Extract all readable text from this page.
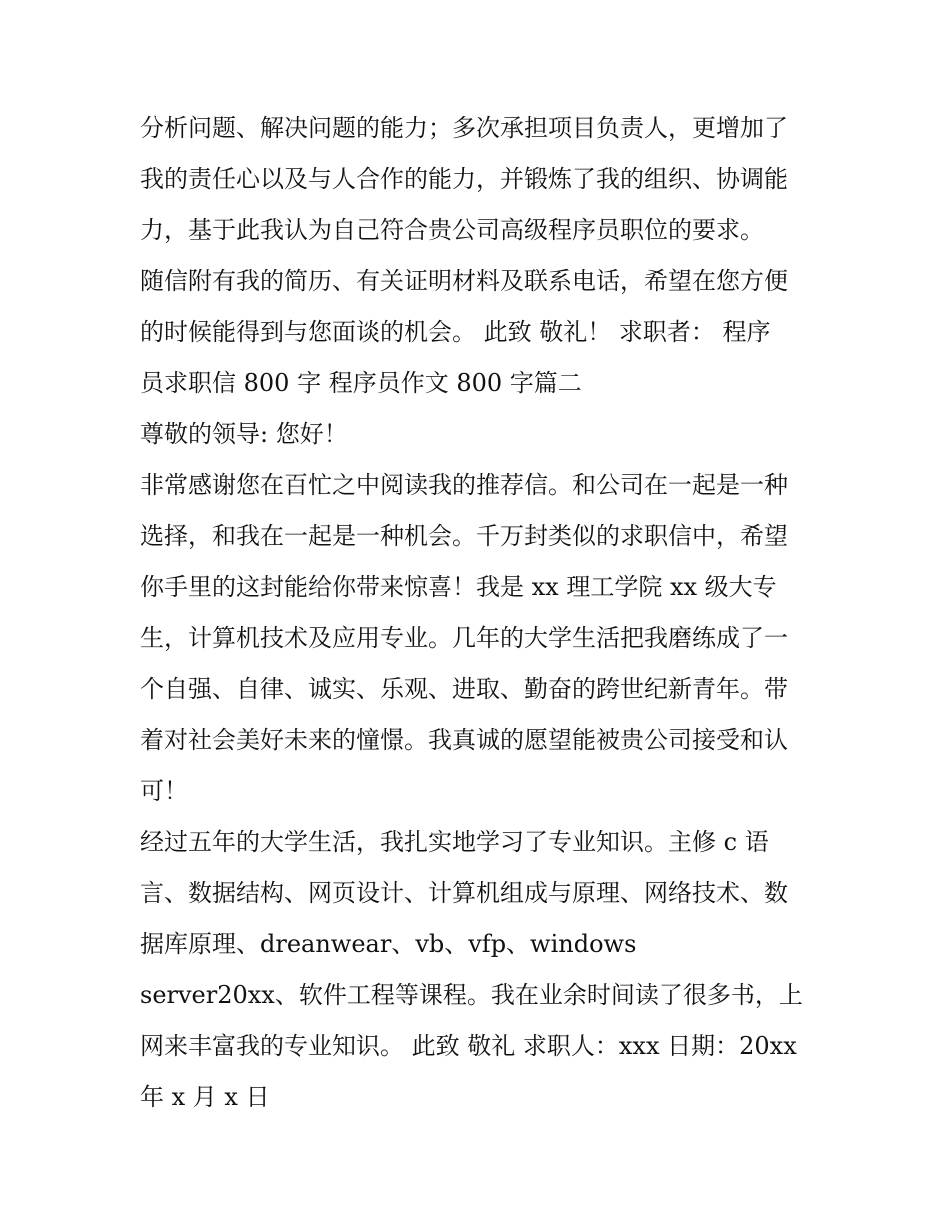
分析问题、解决问题的能力；多次承担项目负责人，更增加了
我的责任心以及与人合作的能力，并锻炼了我的组织、协调能
力，基于此我认为自己符合贵公司高级程序员职位的要求。
随信附有我的简历、有关证明材料及联系电话，希望在您方便
的时候能得到与您面谈的机会。 此致 敬礼！ 求职者： 程序
员求职信 800 字 程序员作文 800 字篇二
尊敬的领导: 您好！
非常感谢您在百忙之中阅读我的推荐信。和公司在一起是一种
选择，和我在一起是一种机会。千万封类似的求职信中，希望
你手里的这封能给你带来惊喜！我是 xx 理工学院 xx 级大专
生，计算机技术及应用专业。几年的大学生活把我磨练成了一
个自强、自律、诚实、乐观、进取、勤奋的跨世纪新青年。带
着对社会美好未来的憧憬。我真诚的愿望能被贵公司接受和认
可！
经过五年的大学生活，我扎实地学习了专业知识。主修 c 语
言、数据结构、网页设计、计算机组成与原理、网络技术、数
据库原理、dreanwear、vb、vfp、windows
server20xx、软件工程等课程。我在业余时间读了很多书，上
网来丰富我的专业知识。 此致 敬礼 求职人：xxx 日期：20xx
年 x 月 x 日
